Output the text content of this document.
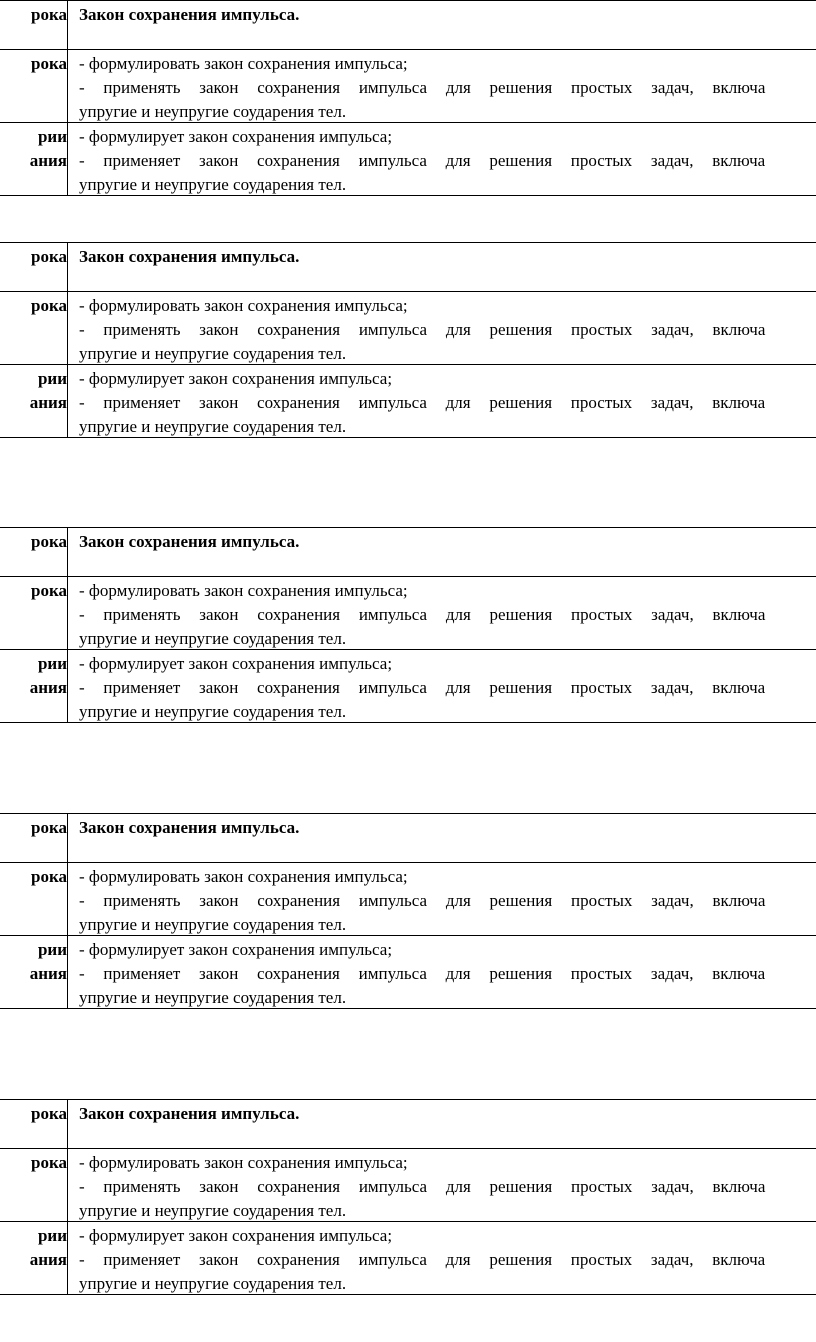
рока Закон сохранения импульса.
рока - формулировать закон сохранения импульса;
- применять закон сохранения импульса для решения простых задач, включа
упругие и неупругие соударения тел.
рии
ания
- формулирует закон сохранения импульса;
- применяет закон сохранения импульса для решения простых задач, включа
упругие и неупругие соударения тел.
рока Закон сохранения импульса.
рока - формулировать закон сохранения импульса;
- применять закон сохранения импульса для решения простых задач, включа
упругие и неупругие соударения тел.
рии
ания
- формулирует закон сохранения импульса;
- применяет закон сохранения импульса для решения простых задач, включа
упругие и неупругие соударения тел.
рока Закон сохранения импульса.
рока - формулировать закон сохранения импульса;
- применять закон сохранения импульса для решения простых задач, включа
упругие и неупругие соударения тел.
рии
ания
- формулирует закон сохранения импульса;
- применяет закон сохранения импульса для решения простых задач, включа
упругие и неупругие соударения тел.
рока Закон сохранения импульса.
рока - формулировать закон сохранения импульса;
- применять закон сохранения импульса для решения простых задач, включа
упругие и неупругие соударения тел.
рии
ания
- формулирует закон сохранения импульса;
- применяет закон сохранения импульса для решения простых задач, включа
упругие и неупругие соударения тел.
рока Закон сохранения импульса.
рока - формулировать закон сохранения импульса;
- применять закон сохранения импульса для решения простых задач, включа
упругие и неупругие соударения тел.
рии
ания
- формулирует закон сохранения импульса;
- применяет закон сохранения импульса для решения простых задач, включа
упругие и неупругие соударения тел.
